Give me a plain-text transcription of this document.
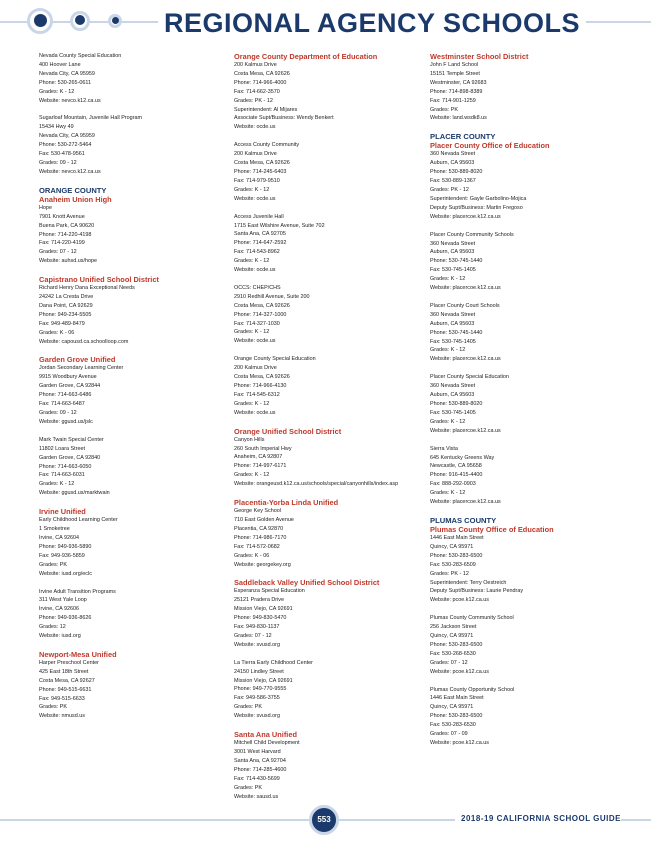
REGIONAL AGENCY SCHOOLS
Nevada County Special Education
400 Hoover Lane
Nevada City, CA 95959
Phone: 530-265-0611
Grades: K - 12
Website: nevco.k12.ca.us
Sugarloaf Mountain, Juvenile Hall Program
15434 Hwy 49
Nevada City, CA 95959
Phone: 530-272-5464
Fax: 530-478-9561
Grades: 09 - 12
Website: nevco.k12.ca.us
ORANGE COUNTY
Anaheim Union High
Hope
7901 Knott Avenue
Buena Park, CA 90620
Phone: 714-220-4198
Fax: 714-220-4199
Grades: 07 - 12
Website: auhsd.us/hope
Capistrano Unified School District
Richard Henry Dana Exceptional Needs
24242 La Cresta Drive
Dana Point, CA 92629
Phone: 949-234-5505
Fax: 949-489-8479
Grades: K - 06
Website: capousd.ca.schoolloop.com
Garden Grove Unified
Jordan Secondary Learning Center
9915 Woodbury Avenue
Garden Grove, CA 92844
Phone: 714-663-6486
Fax: 714-663-6487
Grades: 09 - 12
Website: ggusd.us/jslc
Mark Twain Special Center
11802 Loara Street
Garden Grove, CA 92840
Phone: 714-663-6050
Fax: 714-663-6031
Grades: K - 12
Website: ggusd.us/marktwain
Irvine Unified
Early Childhood Learning Center
1 Smoketree
Irvine, CA 92604
Phone: 949-936-5890
Fax: 949-936-5859
Grades: PK
Website: iusd.org/eclc
Irvine Adult Transition Programs
311 West Yale Loop
Irvine, CA 92606
Phone: 949-936-8626
Grades: 12
Website: iusd.org
Newport-Mesa Unified
Harper Preschool Center
425 East 18th Street
Costa Mesa, CA 92627
Phone: 949-515-6631
Fax: 949-515-6633
Grades: PK
Website: nmusd.us
Orange County Department of Education
200 Kalmus Drive
Costa Mesa, CA 92626
Phone: 714-966-4000
Fax: 714-662-3570
Grades: PK - 12
Superintendent: Al Mijares
Associate Supt/Business: Wendy Benkert
Website: ocde.us
Access County Community
200 Kalmus Drive
Costa Mesa, CA 92626
Phone: 714-245-6403
Fax: 714-979-9510
Grades: K - 12
Website: ocde.us
Access Juvenile Hall
1715 East Wilshire Avenue, Suite 702
Santa Ana, CA 92705
Phone: 714-647-2592
Fax: 714-543-8962
Grades: K - 12
Website: ocde.us
OCCS: CHEP/CHS
2910 Redhill Avenue, Suite 200
Costa Mesa, CA 92626
Phone: 714-327-1000
Fax: 714-327-1030
Grades: K - 12
Website: ocde.us
Orange County Special Education
200 Kalmus Drive
Costa Mesa, CA 92626
Phone: 714-966-4130
Fax: 714-545-6312
Grades: K - 12
Website: ocde.us
Orange Unified School District
Canyon Hills
260 South Imperial Hwy
Anaheim, CA 92807
Phone: 714-997-6171
Grades: K - 12
Website: orangeusd.k12.ca.us/schools/special/canyonhills/index.asp
Placentia-Yorba Linda Unified
George Key School
710 East Golden Avenue
Placentia, CA 92870
Phone: 714-986-7170
Fax: 714-572-0682
Grades: K - 06
Website: georgekey.org
Saddleback Valley Unified School District
Esperanza Special Education
25121 Pradera Drive
Mission Viejo, CA 92691
Phone: 949-830-5470
Fax: 949-830-1137
Grades: 07 - 12
Website: svusd.org
La Tierra Early Childhood Center
24150 Lindley Street
Mission Viejo, CA 92691
Phone: 949-770-9555
Fax: 949-586-3755
Grades: PK
Website: svusd.org
Santa Ana Unified
Mitchell Child Development
3001 West Harvard
Santa Ana, CA 92704
Phone: 714-285-4600
Fax: 714-430-5699
Grades: PK
Website: sausd.us
Westminster School District
John F Land School
15151 Temple Street
Westminster, CA 92683
Phone: 714-898-8389
Fax: 714-901-1259
Grades: PK
Website: land.wsdk8.us
PLACER COUNTY
Placer County Office of Education
360 Nevada Street
Auburn, CA 95603
Phone: 530-889-8020
Fax: 530-889-1367
Grades: PK - 12
Superintendent: Gayle Garbolino-Mojica
Deputy Supt/Business: Martin Fregoso
Website: placercoe.k12.ca.us
Placer County Community Schools
360 Nevada Street
Auburn, CA 95603
Phone: 530-745-1440
Fax: 530-745-1405
Grades: K - 12
Website: placercoe.k12.ca.us
Placer County Court Schools
360 Nevada Street
Auburn, CA 95603
Phone: 530-745-1440
Fax: 530-745-1405
Grades: K - 12
Website: placercoe.k12.ca.us
Placer County Special Education
360 Nevada Street
Auburn, CA 95603
Phone: 530-889-8020
Fax: 530-745-1405
Grades: K - 12
Website: placercoe.k12.ca.us
Sierra Vista
645 Kentucky Greens Way
Newcastle, CA 95658
Phone: 916-415-4400
Fax: 888-292-0903
Grades: K - 12
Website: placercoe.k12.ca.us
PLUMAS COUNTY
Plumas County Office of Education
1446 East Main Street
Quincy, CA 95971
Phone: 530-283-6500
Fax: 530-283-6509
Grades: PK - 12
Superintendent: Terry Oestreich
Deputy Supt/Business: Laurie Pendray
Website: pcoe.k12.ca.us
Plumas County Community School
256 Jackson Street
Quincy, CA 95971
Phone: 530-283-6500
Fax: 530-268-6530
Grades: 07 - 12
Website: pcoe.k12.ca.us
Plumas County Opportunity School
1446 East Main Street
Quincy, CA 95971
Phone: 530-283-6500
Fax: 530-283-6530
Grades: 07 - 09
Website: pcoe.k12.ca.us
553	2018-19 CALIFORNIA SCHOOL GUIDE
